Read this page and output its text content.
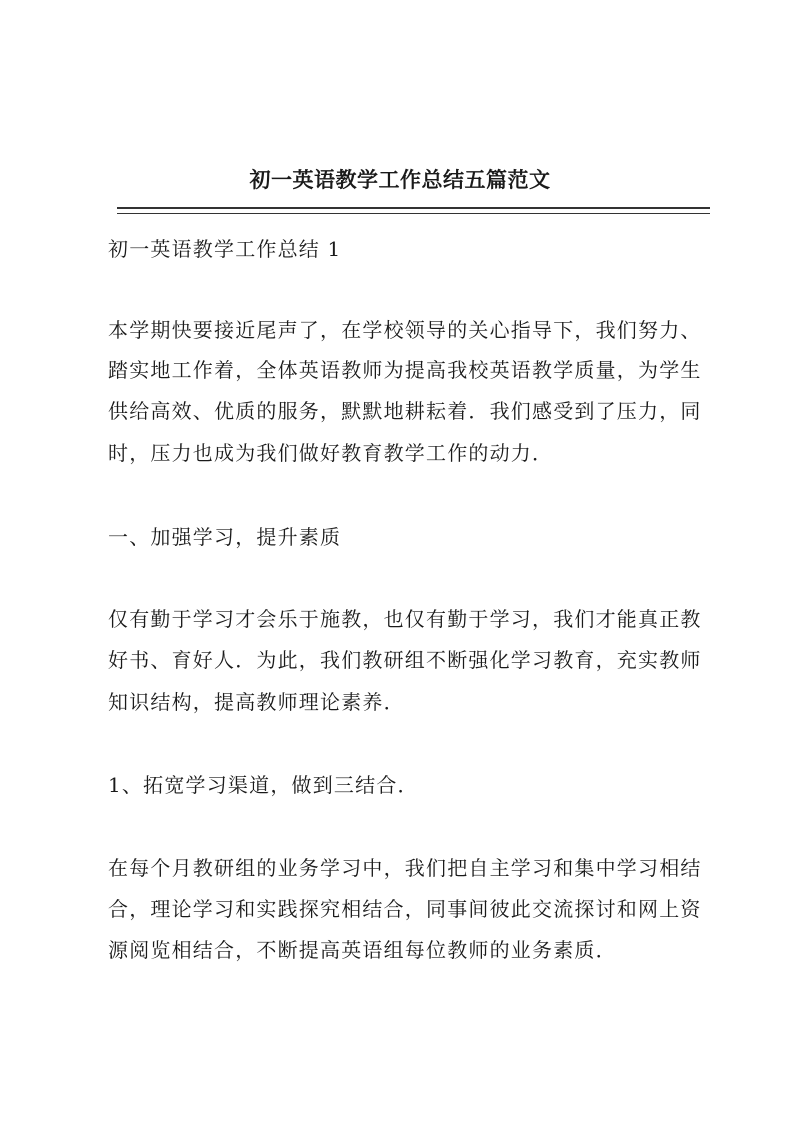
初一英语教学工作总结五篇范文

初一英语教学工作总结 1

本学期快要接近尾声了，在学校领导的关心指导下，我们努力、

踏实地工作着，全体英语教师为提高我校英语教学质量，为学生

供给高效、优质的服务，默默地耕耘着．我们感受到了压力，同

时，压力也成为我们做好教育教学工作的动力．

一、加强学习，提升素质

仅有勤于学习才会乐于施教，也仅有勤于学习，我们才能真正教

好书、育好人．为此，我们教研组不断强化学习教育，充实教师

知识结构，提高教师理论素养．

1、拓宽学习渠道，做到三结合．

在每个月教研组的业务学习中，我们把自主学习和集中学习相结

合，理论学习和实践探究相结合，同事间彼此交流探讨和网上资

源阅览相结合，不断提高英语组每位教师的业务素质．
